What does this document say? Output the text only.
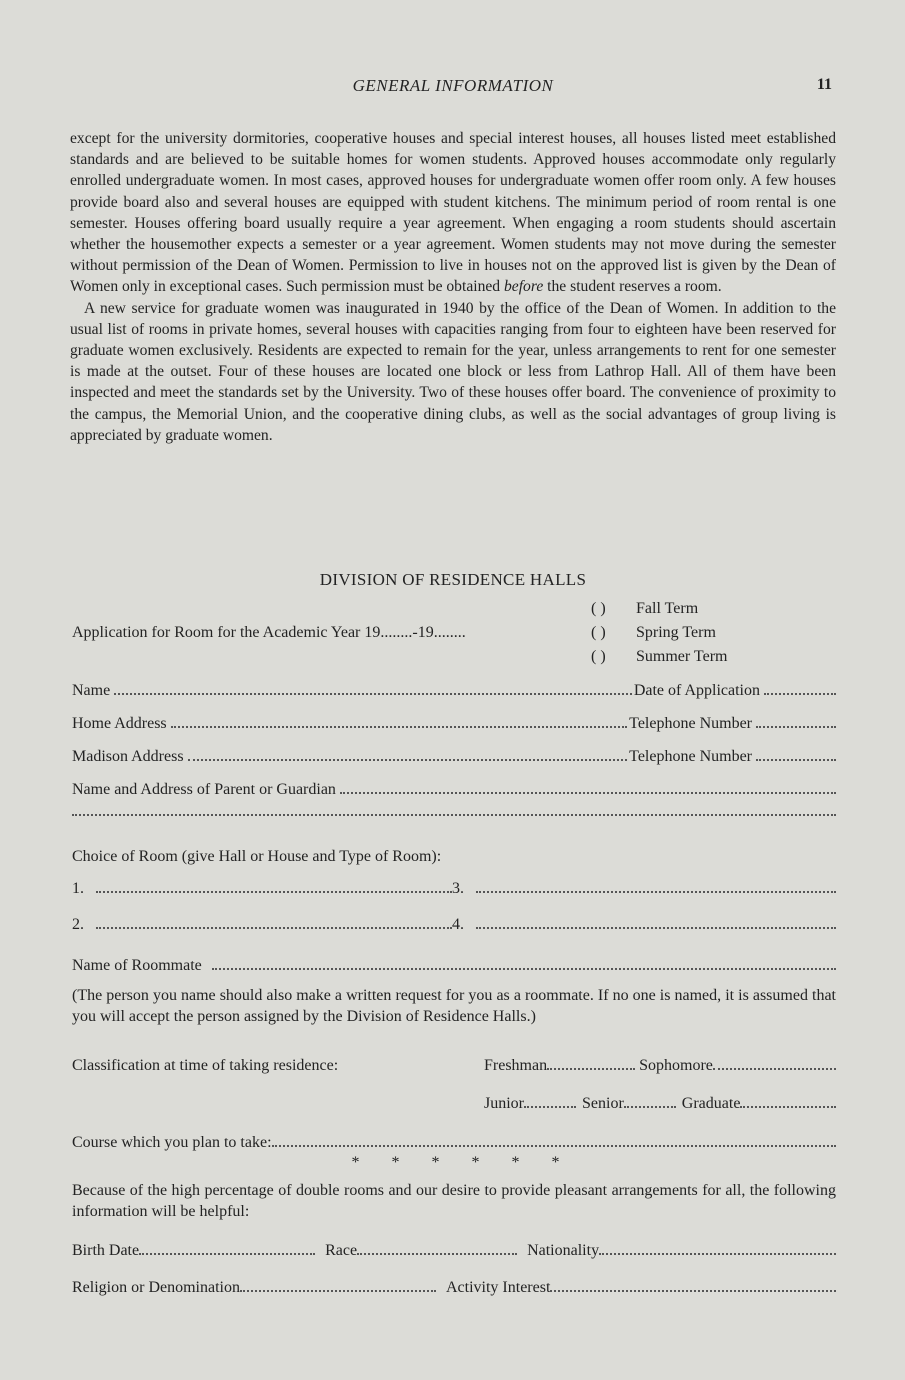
GENERAL INFORMATION	11

except for the university dormitories, cooperative houses and special interest houses, all houses listed meet established standards and are believed to be suitable homes for women students. Approved houses accommodate only regularly enrolled undergraduate women. In most cases, approved houses for undergraduate women offer room only. A few houses provide board also and several houses are equipped with student kitchens. The minimum period of room rental is one semester. Houses offering board usually require a year agreement. When engaging a room students should ascertain whether the housemother expects a semester or a year agreement. Women students may not move during the semester without permission of the Dean of Women. Permission to live in houses not on the approved list is given by the Dean of Women only in exceptional cases. Such permission must be obtained before the student reserves a room.

A new service for graduate women was inaugurated in 1940 by the office of the Dean of Women. In addition to the usual list of rooms in private homes, several houses with capacities ranging from four to eighteen have been reserved for graduate women exclusively. Residents are expected to remain for the year, unless arrangements to rent for one semester is made at the outset. Four of these houses are located one block or less from Lathrop Hall. All of them have been inspected and meet the standards set by the University. Two of these houses offer board. The convenience of proximity to the campus, the Memorial Union, and the cooperative dining clubs, as well as the social advantages of group living is appreciated by graduate women.

DIVISION OF RESIDENCE HALLS
( ) Fall Term
( ) Spring Term
( ) Summer Term
Application for Room for the Academic Year 19........-19........
Name	Date of Application
Home Address	Telephone Number
Madison Address	Telephone Number
Name and Address of Parent or Guardian
Choice of Room (give Hall or House and Type of Room):
1.	3.
2.	4.
Name of Roommate
(The person you name should also make a written request for you as a roommate. If no one is named, it is assumed that you will accept the person assigned by the Division of Residence Halls.)
Classification at time of taking residence:	Freshman	Sophomore
Junior	Senior	Graduate
Course which you plan to take:
* * * * * *
Because of the high percentage of double rooms and our desire to provide pleasant arrangements for all, the following information will be helpful:
Birth Date	Race	Nationality
Religion or Denomination	Activity Interest
